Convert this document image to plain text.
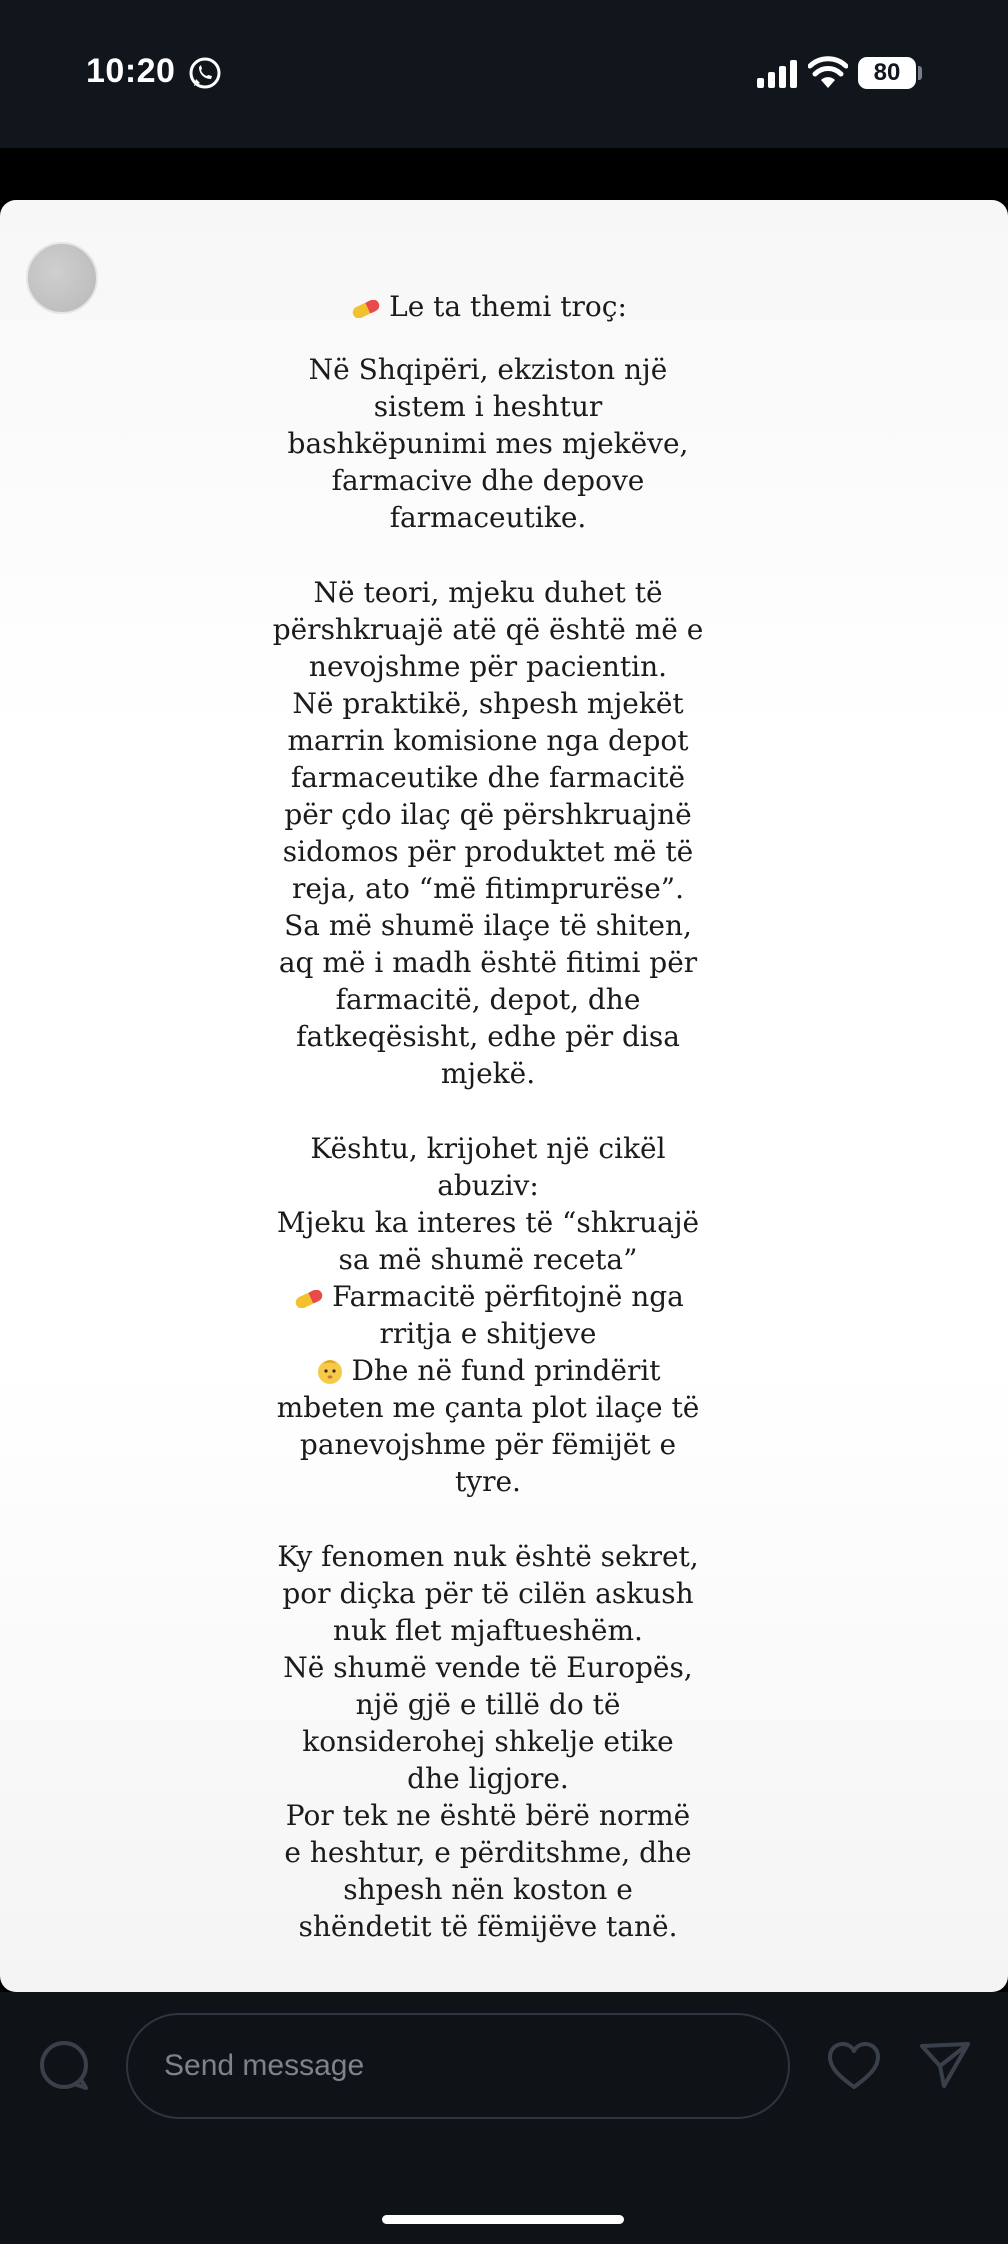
10:20	80
Le ta themi troç:

Në Shqipëri, ekziston një
sistem i heshtur
bashkëpunimi mes mjekëve,
farmacive dhe depove
farmaceutike.

Në teori, mjeku duhet të
përshkruajë atë që është më e
nevojshme për pacientin.
Në praktikë, shpesh mjekët
marrin komisione nga depot
farmaceutike dhe farmacitë
për çdo ilaç që përshkruajnë
sidomos për produktet më të
reja, ato “më fitimprurëse”.
Sa më shumë ilaçe të shiten,
aq më i madh është fitimi për
farmacitë, depot, dhe
fatkeqësisht, edhe për disa
mjekë.

Kështu, krijohet një cikël
abuziv:
Mjeku ka interes të “shkruajë
sa më shumë receta”
Farmacitë përfitojnë nga
rritja e shitjeve
Dhe në fund prindërit
mbeten me çanta plot ilaçe të
panevojshme për fëmijët e
tyre.

Ky fenomen nuk është sekret,
por diçka për të cilën askush
nuk flet mjaftueshëm.
Në shumë vende të Europës,
një gjë e tillë do të
konsiderohej shkelje etike
dhe ligjore.
Por tek ne është bërë normë
e heshtur, e përditshme, dhe
shpesh nën koston e
shëndetit të fëmijëve tanë.

Send message
